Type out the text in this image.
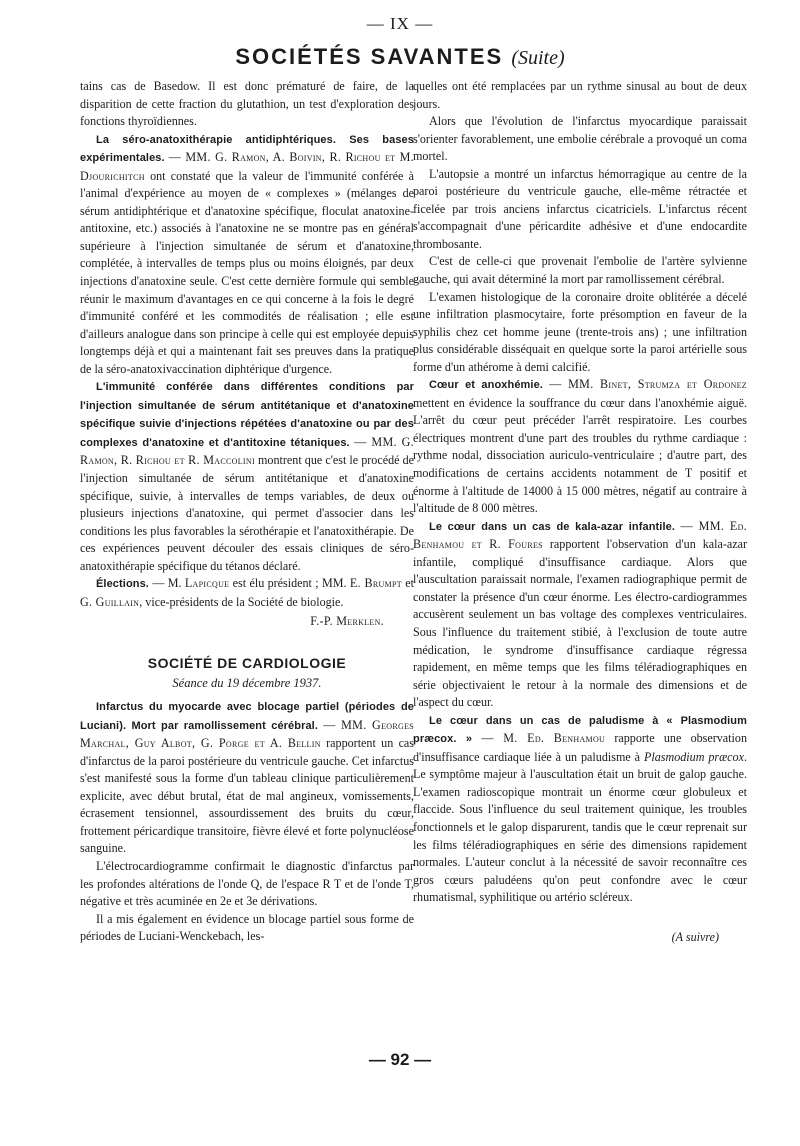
— IX —
SOCIÉTÉS SAVANTES (Suite)

tains cas de Basedow. Il est donc prématuré de faire, de la disparition de cette fraction du glutathion, un test d'exploration des fonctions thyroïdiennes.

La séro-anatoxithérapie antidiphtériques. Ses bases expérimentales. — MM. G. Ramon, A. Boivin, R. Richou et M. Djourichitch ont constaté que la valeur de l'immunité conférée à l'animal d'expérience au moyen de « complexes » (mélanges de sérum antidiphtérique et d'anatoxine spécifique, floculat anatoxine-antitoxine, etc.) associés à l'anatoxine ne se montre pas en général supérieure à l'injection simultanée de sérum et d'anatoxine, complétée, à intervalles de temps plus ou moins éloignés, par deux injections d'anatoxine seule. C'est cette dernière formule qui semble réunir le maximum d'avantages en ce qui concerne à la fois le degré d'immunité conféré et les commodités de réalisation ; elle est d'ailleurs analogue dans son principe à celle qui est employée depuis longtemps déjà et qui a maintenant fait ses preuves dans la pratique de la séro-anatoxivaccination diphtérique d'urgence.

L'immunité conférée dans différentes conditions par l'injection simultanée de sérum antitétanique et d'anatoxine spécifique suivie d'injections répétées d'anatoxine ou par des complexes d'anatoxine et d'antitoxine tétaniques. — MM. G. Ramon, R. Richou et R. Maccolini montrent que c'est le procédé de l'injection simultanée de sérum antitétanique et d'anatoxine spécifique, suivie, à intervalles de temps variables, de deux ou plusieurs injections d'anatoxine, qui permet d'associer dans les conditions les plus favorables la sérothérapie et l'anatoxithérapie. De ces expériences peuvent découler des essais cliniques de séro-anatoxithérapie spécifique du tétanos déclaré.

Élections. — M. Lapicque est élu président ; MM. E. Brumpt et G. Guillain, vice-présidents de la Société de biologie.

F.-P. Merklen.
SOCIÉTÉ DE CARDIOLOGIE
Séance du 19 décembre 1937.

Infarctus du myocarde avec blocage partiel (périodes de Luciani). Mort par ramollissement cérébral. — MM. Georges Marchal, Guy Albot, G. Porge et A. Bellin rapportent un cas d'infarctus de la paroi postérieure du ventricule gauche. Cet infarctus s'est manifesté sous la forme d'un tableau clinique particulièrement explicite, avec début brutal, état de mal angineux, vomissements, écrasement tensionnel, assourdissement des bruits du cœur, frottement péricardique transitoire, fièvre élevé et forte polynucléose sanguine.

L'électrocardiogramme confirmait le diagnostic d'infarctus par les profondes altérations de l'onde Q, de l'espace R T et de l'onde T, négative et très acuminée en 2e et 3e dérivations.

Il a mis également en évidence un blocage partiel sous forme de périodes de Luciani-Wenckebach, les-

quelles ont été remplacées par un rythme sinusal au bout de deux jours.

Alors que l'évolution de l'infarctus myocardique paraissait s'orienter favorablement, une embolie cérébrale a provoqué un coma mortel.

L'autopsie a montré un infarctus hémorragique au centre de la paroi postérieure du ventricule gauche, elle-même rétractée et ficelée par trois anciens infarctus cicatriciels. L'infarctus récent s'accompagnait d'une péricardite adhésive et d'une endocardite thrombosante.

C'est de celle-ci que provenait l'embolie de l'artère sylvienne gauche, qui avait déterminé la mort par ramollissement cérébral.

L'examen histologique de la coronaire droite oblitérée a décelé une infiltration plasmocytaire, forte présomption en faveur de la syphilis chez cet homme jeune (trente-trois ans) ; une infiltration plus considérable disséquait en quelque sorte la paroi artérielle sous forme d'un athérome à demi calcifié.

Cœur et anoxhémie. — MM. Binet, Strumza et Ordonez mettent en évidence la souffrance du cœur dans l'anoxhémie aiguë. L'arrêt du cœur peut précéder l'arrêt respiratoire. Les courbes électriques montrent d'une part des troubles du rythme cardiaque : rythme nodal, dissociation auriculo-ventriculaire ; d'autre part, des modifications de certains accidents notamment de T positif et énorme à l'altitude de 14000 à 15 000 mètres, négatif au contraire à l'altitude de 8 000 mètres.

Le cœur dans un cas de kala-azar infantile. — MM. Ed. Benhamou et R. Foures rapportent l'observation d'un kala-azar infantile, compliqué d'insuffisance cardiaque. Alors que l'auscultation paraissait normale, l'examen radiographique permit de constater la présence d'un cœur énorme. Les électro-cardiogrammes accusèrent seulement un bas voltage des complexes ventriculaires. Sous l'influence du traitement stibié, à l'exclusion de toute autre médication, le syndrome d'insuffisance cardiaque régressa rapidement, en même temps que les films téléradiographiques en série objectivaient le retour à la normale des dimensions et de l'aspect du cœur.

Le cœur dans un cas de paludisme à « Plasmodium præcox. » — M. Ed. Benhamou rapporte une observation d'insuffisance cardiaque liée à un paludisme à Plasmodium præcox. Le symptôme majeur à l'auscultation était un bruit de galop gauche. L'examen radioscopique montrait un énorme cœur globuleux et flaccide. Sous l'influence du seul traitement quinique, les troubles fonctionnels et le galop disparurent, tandis que le cœur reprenait sur les films téléradiographiques en série des dimensions rapidement normales. L'auteur conclut à la nécessité de savoir reconnaître ces gros cœurs paludéens qu'on peut confondre avec le cœur rhumatismal, syphilitique ou artério scléreux.

(A suivre)
— 92 —
